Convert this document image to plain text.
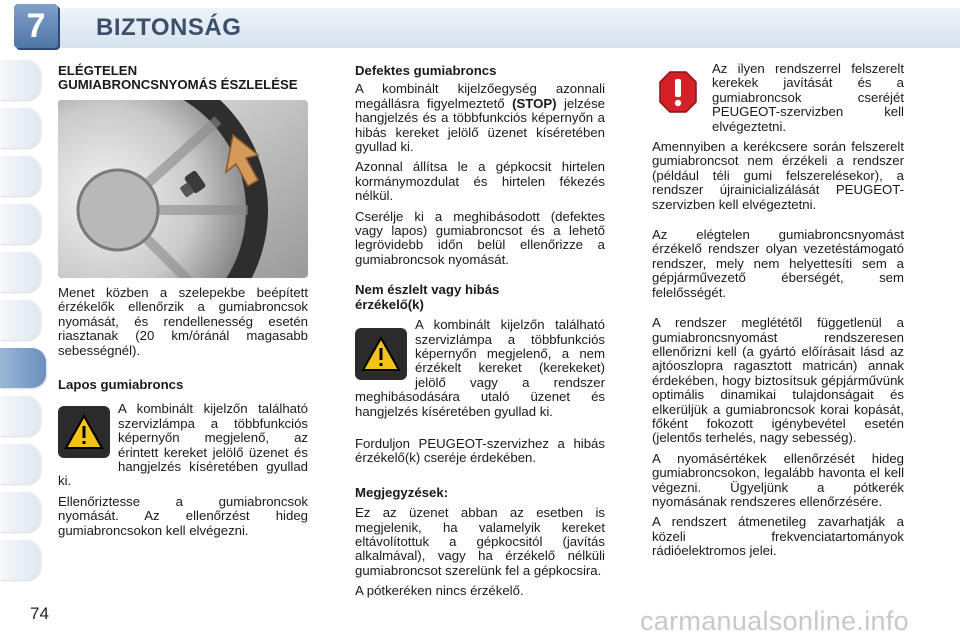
7	BIZTONSÁG
ELÉGTELEN
GUMIABRONCSNYOMÁS ÉSZLELÉSE

Menet közben a szelepekbe beépített érzékelők ellenőrzik a gumiabroncsok nyomását, és rendellenesség esetén riasztanak (20 km/óránál magasabb sebességnél).

Lapos gumiabroncs

A kombinált kijelzőn található szervizlámpa a többfunkciós képernyőn megjelenő, az érintett kereket jelölő üzenet és hangjelzés kíséretében gyullad ki.

Ellenőriztesse a gumiabroncsok nyomását. Az ellenőrzést hideg gumiabroncsokon kell elvégezni.

Defektes gumiabroncs

A kombinált kijelzőegység azonnali megállásra figyelmeztető (STOP) jelzése hangjelzés és a többfunkciós képernyőn a hibás kereket jelölő üzenet kíséretében gyullad ki.

Azonnal állítsa le a gépkocsit hirtelen kormánymozdulat és hirtelen fékezés nélkül.

Cserélje ki a meghibásodott (defektes vagy lapos) gumiabroncsot és a lehető legrövidebb időn belül ellenőrizze a gumiabroncsok nyomását.

Nem észlelt vagy hibás
érzékelő(k)

A kombinált kijelzőn található szervizlámpa a többfunkciós képernyőn megjelenő, a nem érzékelt kereket (kerekeket) jelölő vagy a rendszer meghibásodására utaló üzenet és hangjelzés kíséretében gyullad ki.

Forduljon PEUGEOT-szervizhez a hibás érzékelő(k) cseréje érdekében.

Megjegyzések:

Ez az üzenet abban az esetben is megjelenik, ha valamelyik kereket eltávolítottuk a gépkocsitól (javítás alkalmával), vagy ha érzékelő nélküli gumiabroncsot szerelünk fel a gépkocsira.

A pótkeréken nincs érzékelő.

Az ilyen rendszerrel felszerelt kerekek javítását és a gumiabroncsok cseréjét PEUGEOT-szervizben kell elvégeztetni.

Amennyiben a kerékcsere során felszerelt gumiabroncsot nem érzékeli a rendszer (például téli gumi felszerelésekor), a rendszer újrainicializálását PEUGEOT-szervizben kell elvégeztetni.

Az elégtelen gumiabroncsnyomást érzékelő rendszer olyan vezetéstámogató rendszer, mely nem helyettesíti sem a gépjárművezető éberségét, sem felelősségét.

A rendszer meglététől függetlenül a gumiabroncsnyomást rendszeresen ellenőrizni kell (a gyártó előírásait lásd az ajtóoszlopra ragasztott matricán) annak érdekében, hogy biztosítsuk gépjárművünk optimális dinamikai tulajdonságait és elkerüljük a gumiabroncsok korai kopását, főként fokozott igénybevétel esetén (jelentős terhelés, nagy sebesség).

A nyomásértékek ellenőrzését hideg gumiabroncsokon, legalább havonta el kell végezni. Ügyeljünk a pótkerék nyomásának rendszeres ellenőrzésére.

A rendszert átmenetileg zavarhatják a közeli frekvenciatartományok rádióelektromos jelei.

74	carmanualsonline.info
